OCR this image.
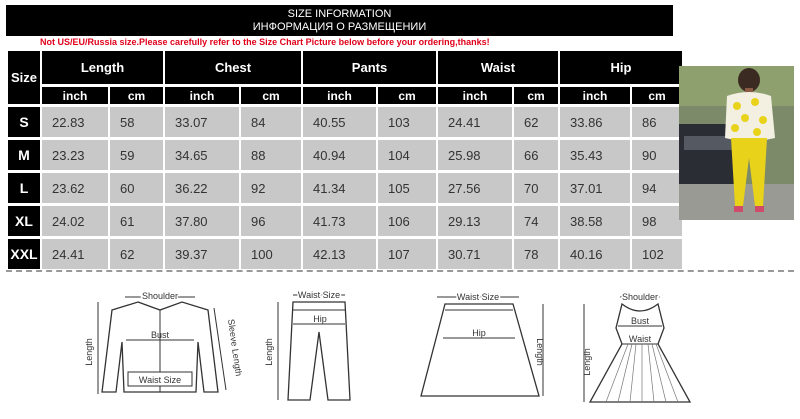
SIZE INFORMATION
ИНФОРМАЦИЯ О РАЗМЕЩЕНИИ
Not US/EU/Russia size.Please carefully refer to the Size Chart Picture below before your ordering,thanks!
Size	Length		Chest		Pants		Waist		Hip	
	inch	cm	inch	cm	inch	cm	inch	cm	inch	cm
S	22.83	58	33.07	84	40.55	103	24.41	62	33.86	86
M	23.23	59	34.65	88	40.94	104	25.98	66	35.43	90
L	23.62	60	36.22	92	41.34	105	27.56	70	37.01	94
XL	24.02	61	37.80	96	41.73	106	29.13	74	38.58	98
XXL	24.41	62	39.37	100	42.13	107	30.71	78	40.16	102
Shoulder
Bust
Length	Sleeve Length
Waist Size
Waist Size
Hip
Length
Waist Size
Hip
Length
Shoulder
Bust
Waist
Length
